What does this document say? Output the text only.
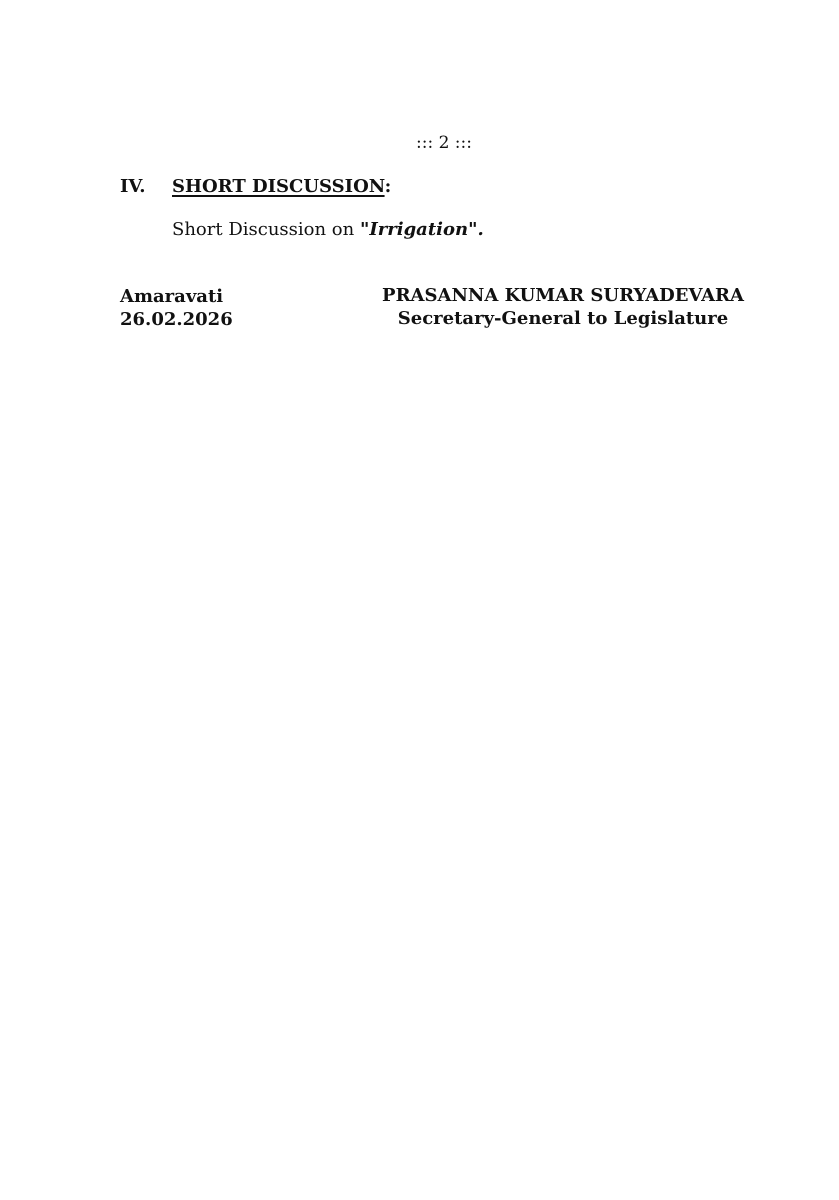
::: 2 :::
IV. SHORT DISCUSSION:
Short Discussion on "Irrigation".
Amaravati
26.02.2026
PRASANNA KUMAR SURYADEVARA
Secretary-General to Legislature
